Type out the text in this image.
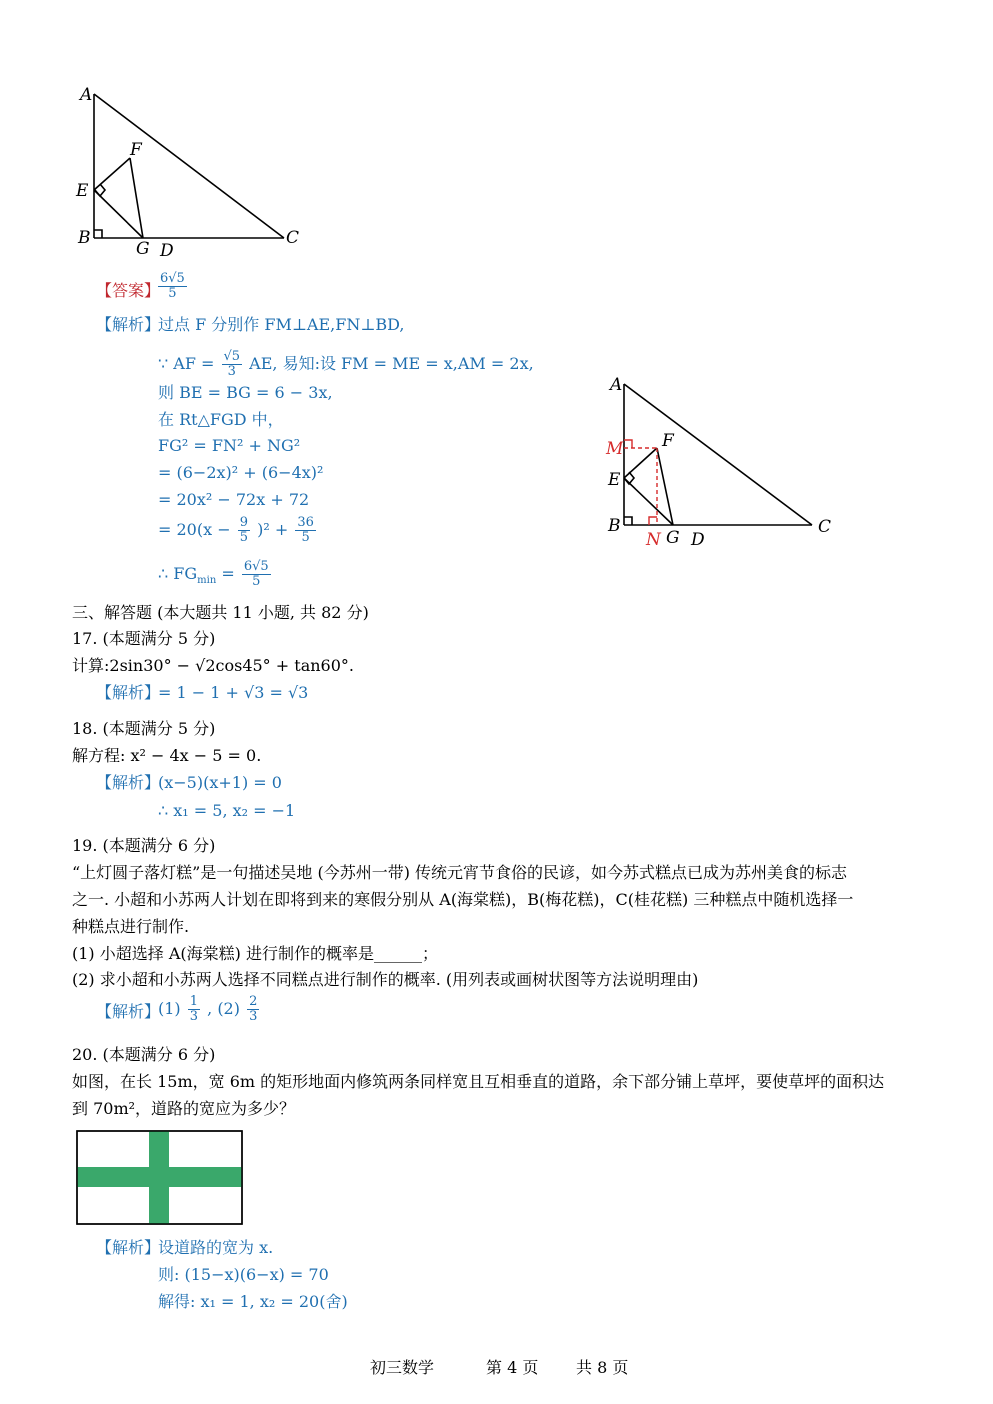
A
B	C
D
E
F
G
【答案】
$\frac{6√5}{5}$
【解析】
过点 F 分别作 FM⊥AE,FN⊥BD,
∵ AF = $\frac{√5}{3}$ AE, 易知:设 FM = ME = x,AM = 2x,
则 BE = BG = 6 − 3x,
在 Rt△FGD 中，
FG² = FN² + NG²
= (6−2x)² + (6−4x)²
= 20x² − 72x + 72
= $20(x - \frac{9}{5} )^2 + \frac{36}{5}$
∴ $FG_{min} = \frac{6√5}{5}$
A
B	C
D
E
F
G
M
N
三、解答题 (本大题共 11 小题, 共 82 分)
17. (本题满分 5 分)
计算:2sin30° − √2cos45° + tan60°.
【解析】
= 1 − 1 + √3 = √3
18. (本题满分 5 分)
解方程: x² − 4x − 5 = 0.
【解析】
(x−5)(x+1) = 0
∴ x₁ = 5, x₂ = −1
19. (本题满分 6 分)
“上灯圆子落灯糕”是一句描述吴地 (今苏州一带) 传统元宵节食俗的民谚，如今苏式糕点已成为苏州美食的标志
之一. 小超和小苏两人计划在即将到来的寒假分别从 A(海棠糕)，B(梅花糕)，C(桂花糕) 三种糕点中随机选择一
种糕点进行制作.
(1) 小超选择 A(海棠糕) 进行制作的概率是______；
(2) 求小超和小苏两人选择不同糕点进行制作的概率. (用列表或画树状图等方法说明理由)
【解析】
$(1) \frac{1}{3}$ , $(2) \frac{2}{3}$
20. (本题满分 6 分)
如图，在长 15m，宽 6m 的矩形地面内修筑两条同样宽且互相垂直的道路，余下部分铺上草坪，要使草坪的面积达
到 70m²，道路的宽应为多少？
【解析】
设道路的宽为 x.
则: (15−x)(6−x) = 70
解得: x₁ = 1, x₂ = 20(舍)
初三数学	第 4 页 共 8 页
